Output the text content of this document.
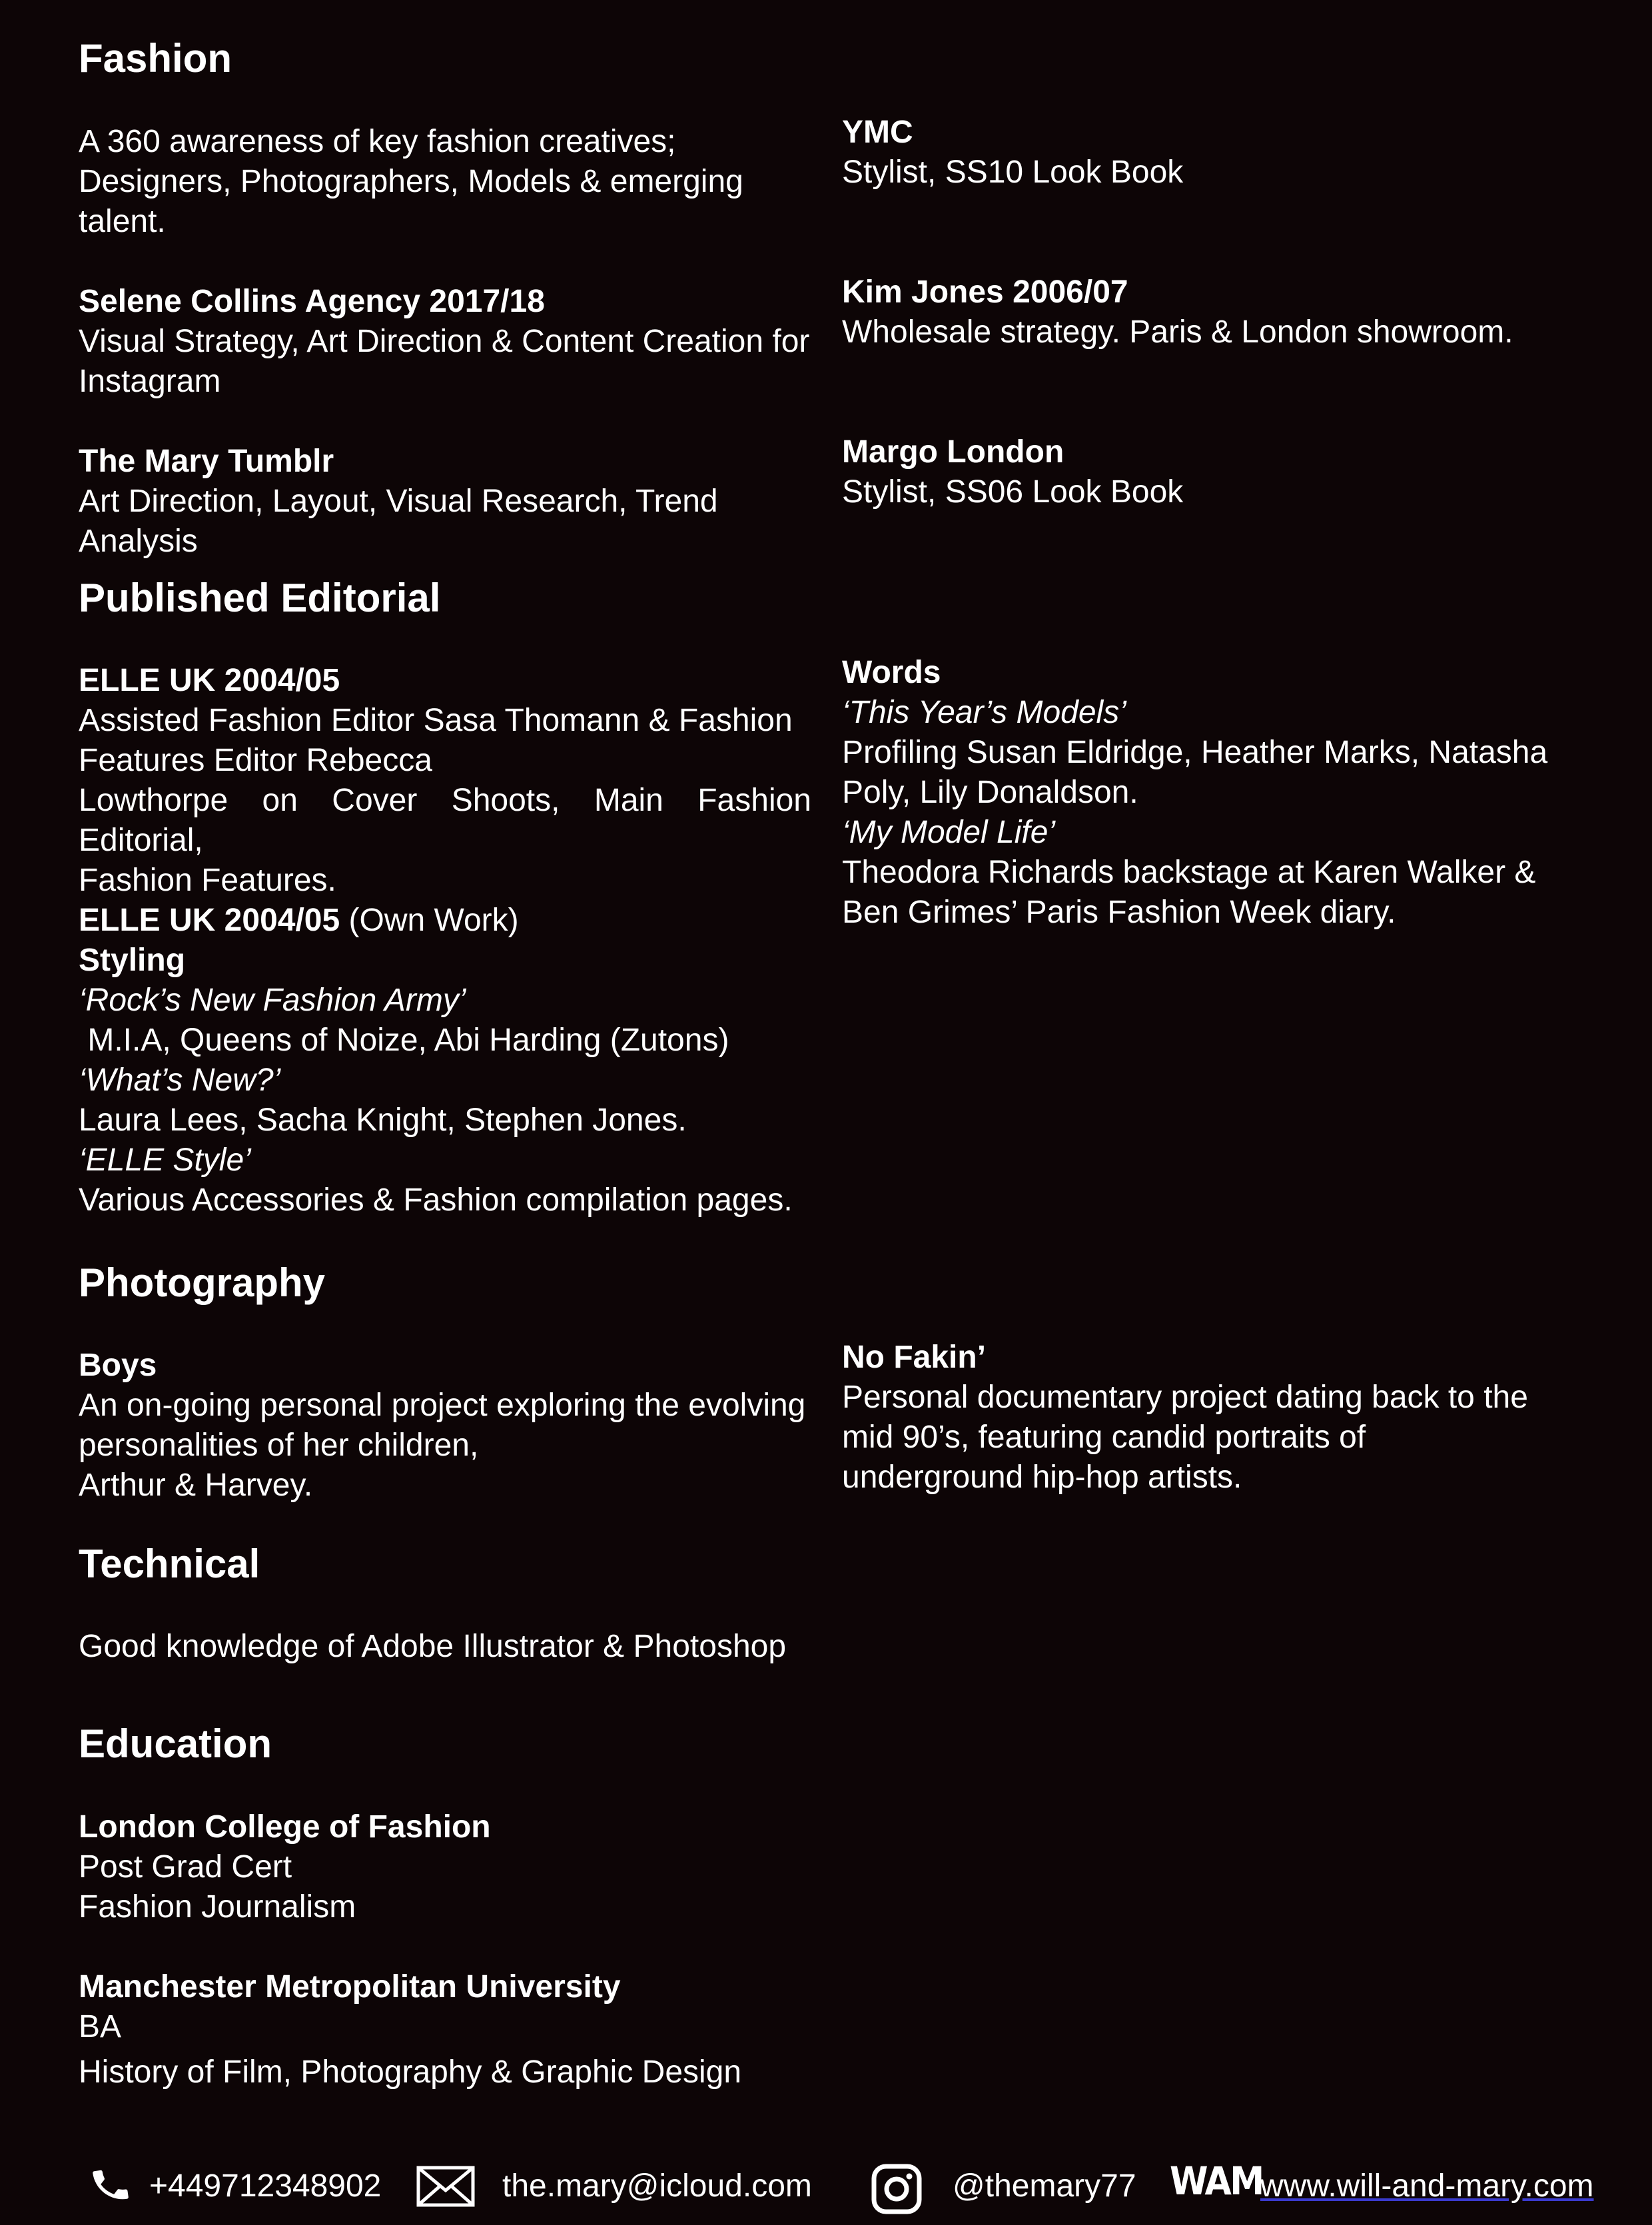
Fashion
A 360 awareness of key fashion creatives;
Designers, Photographers, Models & emerging
talent.
Selene Collins Agency 2017/18
Visual Strategy, Art Direction & Content Creation for
Instagram
The Mary Tumblr
Art Direction, Layout, Visual Research, Trend Analysis
YMC
Stylist, SS10 Look Book
Kim Jones 2006/07
Wholesale strategy. Paris & London showroom.
Margo London
Stylist, SS06 Look Book
Published Editorial
ELLE UK 2004/05
Assisted Fashion Editor Sasa Thomann & Fashion
Features Editor Rebecca
Lowthorpe on Cover Shoots, Main Fashion Editorial,
Fashion Features.
ELLE UK 2004/05 (Own Work)
Styling
‘Rock’s New Fashion Army’
M.I.A, Queens of Noize, Abi Harding (Zutons)
‘What’s New?’
Laura Lees, Sacha Knight, Stephen Jones.
‘ELLE Style’
Various Accessories & Fashion compilation pages.
Words
‘This Year’s Models’
Profiling Susan Eldridge, Heather Marks, Natasha
Poly, Lily Donaldson.
‘My Model Life’
Theodora Richards backstage at Karen Walker &
Ben Grimes’ Paris Fashion Week diary.
Photography
Boys
An on-going personal project exploring the evolving
personalities of her children,
Arthur & Harvey.
No Fakin’
Personal documentary project dating back to the
mid 90’s, featuring candid portraits of
underground hip-hop artists.
Technical
Good knowledge of Adobe Illustrator & Photoshop
Education
London College of Fashion
Post Grad Cert
Fashion Journalism
Manchester Metropolitan University
BA
History of Film, Photography & Graphic Design
+449712348902	the.mary@icloud.com	@themary77 WAM
www.will-and-mary.com
